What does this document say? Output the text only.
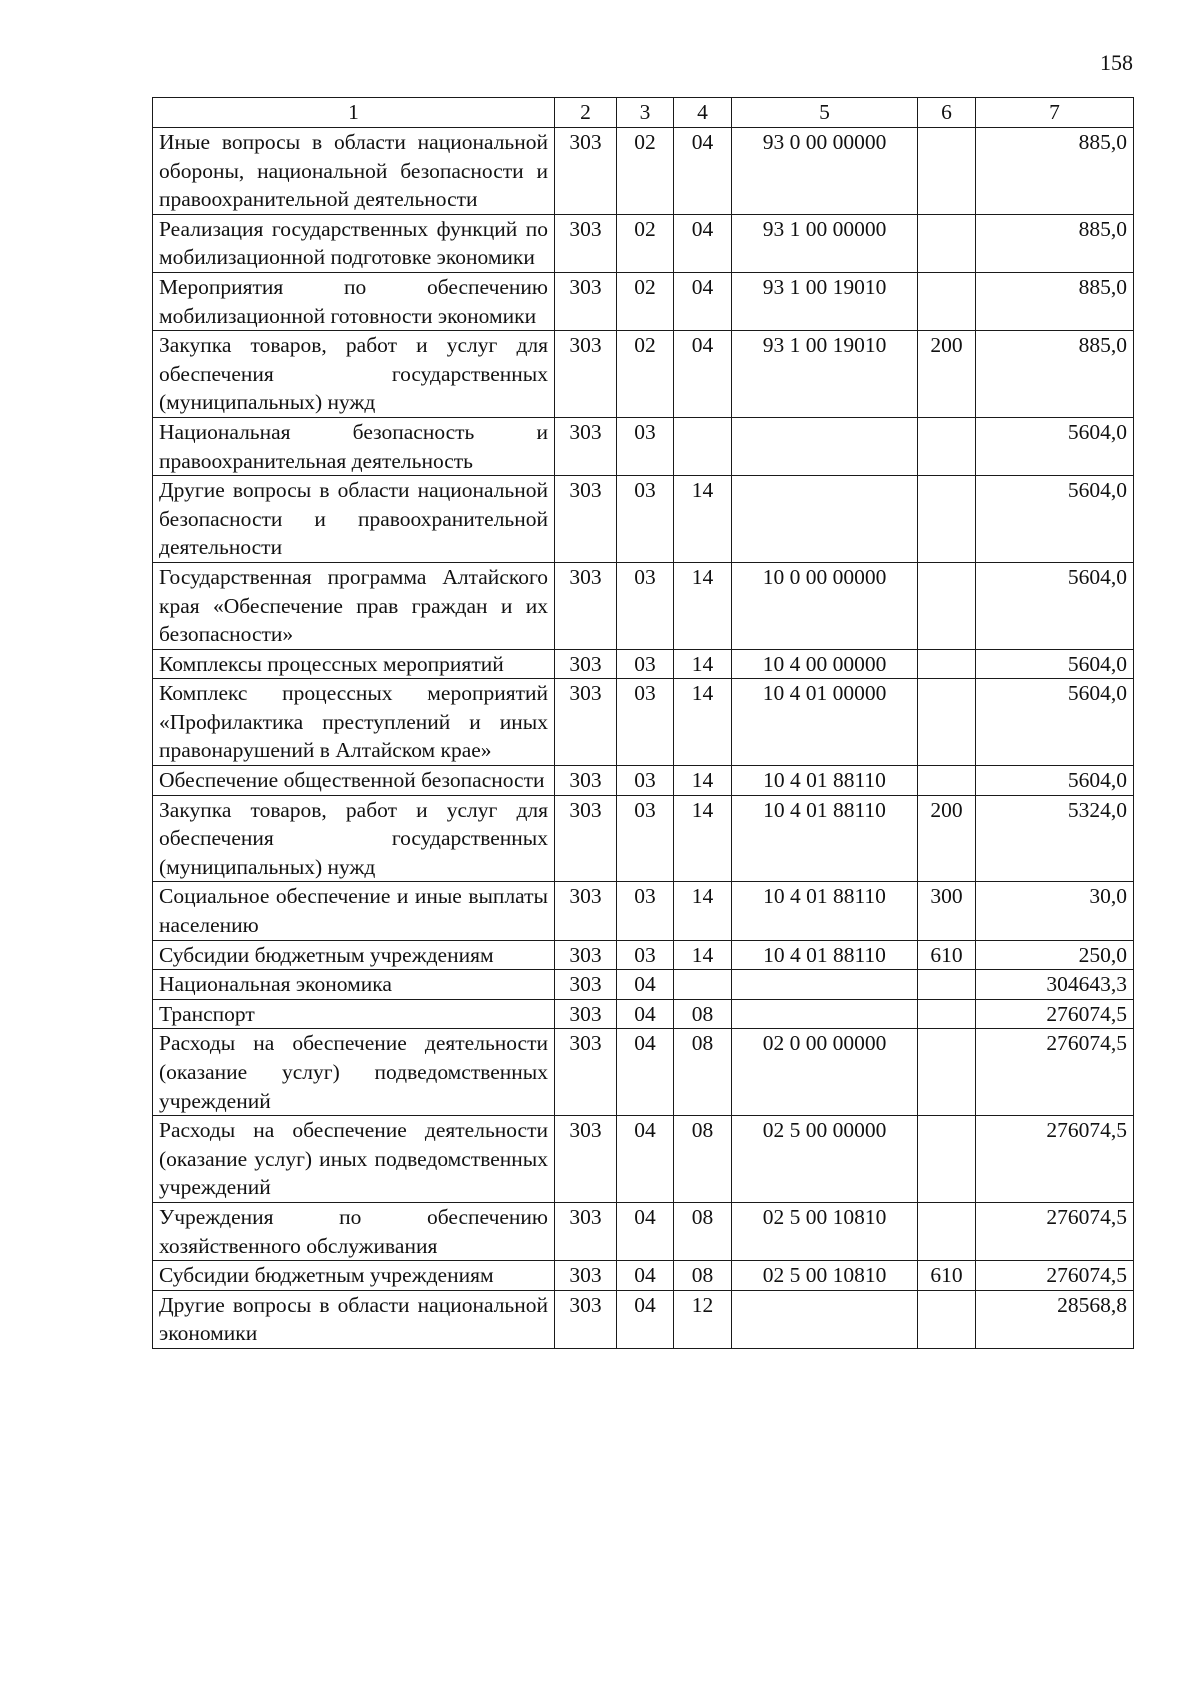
158
1	2	3	4	5	6	7
Иные вопросы в области национальной обороны, национальной безопасности и правоохранительной деятельности	303	02	04	93 0 00 00000		885,0
Реализация государственных функций по мобилизационной подготовке экономики	303	02	04	93 1 00 00000		885,0
Мероприятия по обеспечению мобилизационной готовности экономики	303	02	04	93 1 00 19010		885,0
Закупка товаров, работ и услуг для обеспечения государственных (муниципальных) нужд	303	02	04	93 1 00 19010	200	885,0
Национальная безопасность и правоохранительная деятельность	303	03				5604,0
Другие вопросы в области национальной безопасности и правоохранительной деятельности	303	03	14			5604,0
Государственная программа Алтайского края «Обеспечение прав граждан и их безопасности»	303	03	14	10 0 00 00000		5604,0
Комплексы процессных мероприятий	303	03	14	10 4 00 00000		5604,0
Комплекс процессных мероприятий «Профилактика преступлений и иных правонарушений в Алтайском крае»	303	03	14	10 4 01 00000		5604,0
Обеспечение общественной безопасности	303	03	14	10 4 01 88110		5604,0
Закупка товаров, работ и услуг для обеспечения государственных (муниципальных) нужд	303	03	14	10 4 01 88110	200	5324,0
Социальное обеспечение и иные выплаты населению	303	03	14	10 4 01 88110	300	30,0
Субсидии бюджетным учреждениям	303	03	14	10 4 01 88110	610	250,0
Национальная экономика	303	04				304643,3
Транспорт	303	04	08			276074,5
Расходы на обеспечение деятельности (оказание услуг) подведомственных учреждений	303	04	08	02 0 00 00000		276074,5
Расходы на обеспечение деятельности (оказание услуг) иных подведомственных учреждений	303	04	08	02 5 00 00000		276074,5
Учреждения по обеспечению хозяйственного обслуживания	303	04	08	02 5 00 10810		276074,5
Субсидии бюджетным учреждениям	303	04	08	02 5 00 10810	610	276074,5
Другие вопросы в области национальной экономики	303	04	12			28568,8
